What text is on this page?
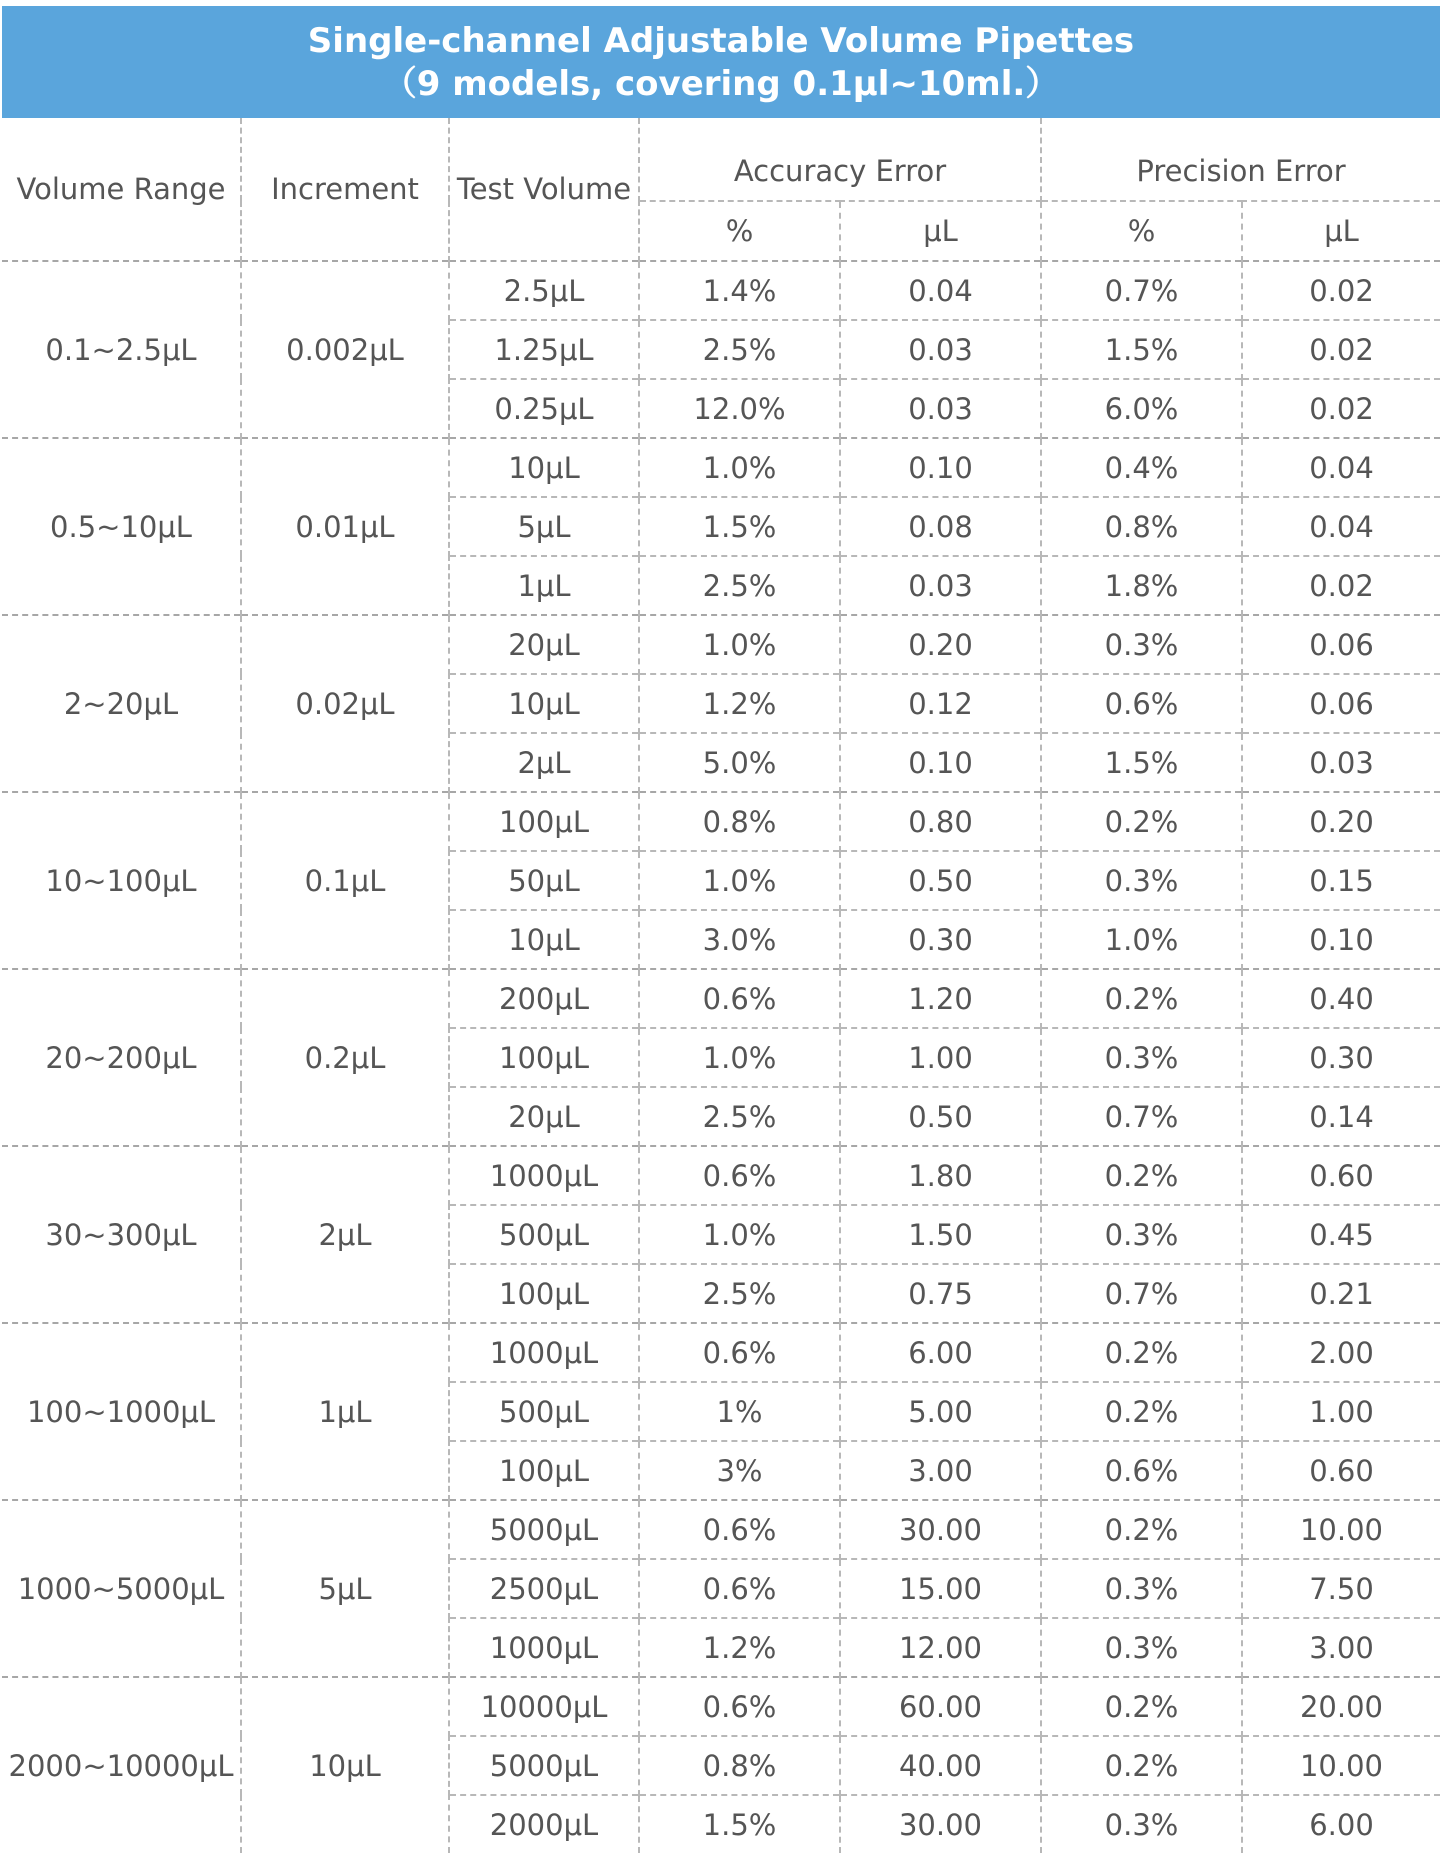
Single-channel Adjustable Volume Pipettes
（9 models, covering 0.1μl~10ml.）
Volume Range	Increment	Test Volume	Accuracy Error		Precision Error	
			%	μL	%	μL
0.1~2.5μL	0.002μL	2.5μL	1.4%	0.04	0.7%	0.02
		1.25μL	2.5%	0.03	1.5%	0.02
		0.25μL	12.0%	0.03	6.0%	0.02
0.5~10μL	0.01μL	10μL	1.0%	0.10	0.4%	0.04
		5μL	1.5%	0.08	0.8%	0.04
		1μL	2.5%	0.03	1.8%	0.02
2~20μL	0.02μL	20μL	1.0%	0.20	0.3%	0.06
		10μL	1.2%	0.12	0.6%	0.06
		2μL	5.0%	0.10	1.5%	0.03
10~100μL	0.1μL	100μL	0.8%	0.80	0.2%	0.20
		50μL	1.0%	0.50	0.3%	0.15
		10μL	3.0%	0.30	1.0%	0.10
20~200μL	0.2μL	200μL	0.6%	1.20	0.2%	0.40
		100μL	1.0%	1.00	0.3%	0.30
		20μL	2.5%	0.50	0.7%	0.14
30~300μL	2μL	1000μL	0.6%	1.80	0.2%	0.60
		500μL	1.0%	1.50	0.3%	0.45
		100μL	2.5%	0.75	0.7%	0.21
100~1000μL	1μL	1000μL	0.6%	6.00	0.2%	2.00
		500μL	1%	5.00	0.2%	1.00
		100μL	3%	3.00	0.6%	0.60
1000~5000μL	5μL	5000μL	0.6%	30.00	0.2%	10.00
		2500μL	0.6%	15.00	0.3%	7.50
		1000μL	1.2%	12.00	0.3%	3.00
2000~10000μL	10μL	10000μL	0.6%	60.00	0.2%	20.00
		5000μL	0.8%	40.00	0.2%	10.00
		2000μL	1.5%	30.00	0.3%	6.00
